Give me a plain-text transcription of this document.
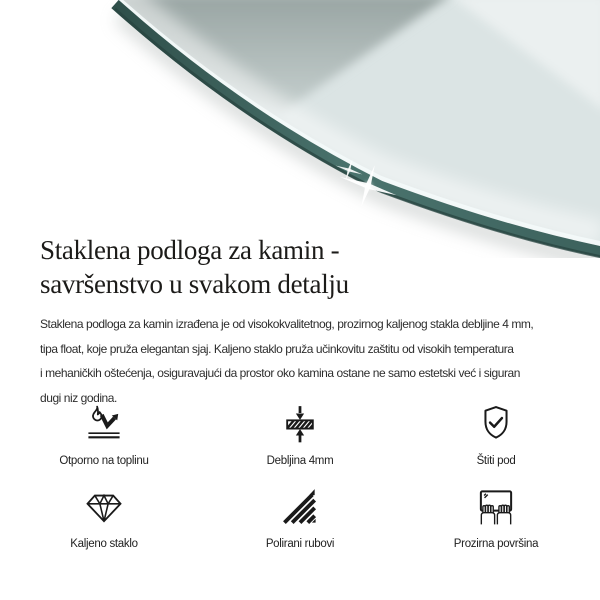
Staklena podloga za kamin -
savršenstvo u svakom detalju
Staklena podloga za kamin izrađena je od visokokvalitetnog, prozirnog kaljenog stakla debljine 4 mm,
tipa float, koje pruža elegantan sjaj. Kaljeno staklo pruža učinkovitu zaštitu od visokih temperatura
i mehaničkih oštećenja, osiguravajući da prostor oko kamina ostane ne samo estetski već i siguran
dugi niz godina.
Otporno na toplinu	Debljina 4mm	Štiti pod
Kaljeno staklo	Polirani rubovi	Prozirna površina
